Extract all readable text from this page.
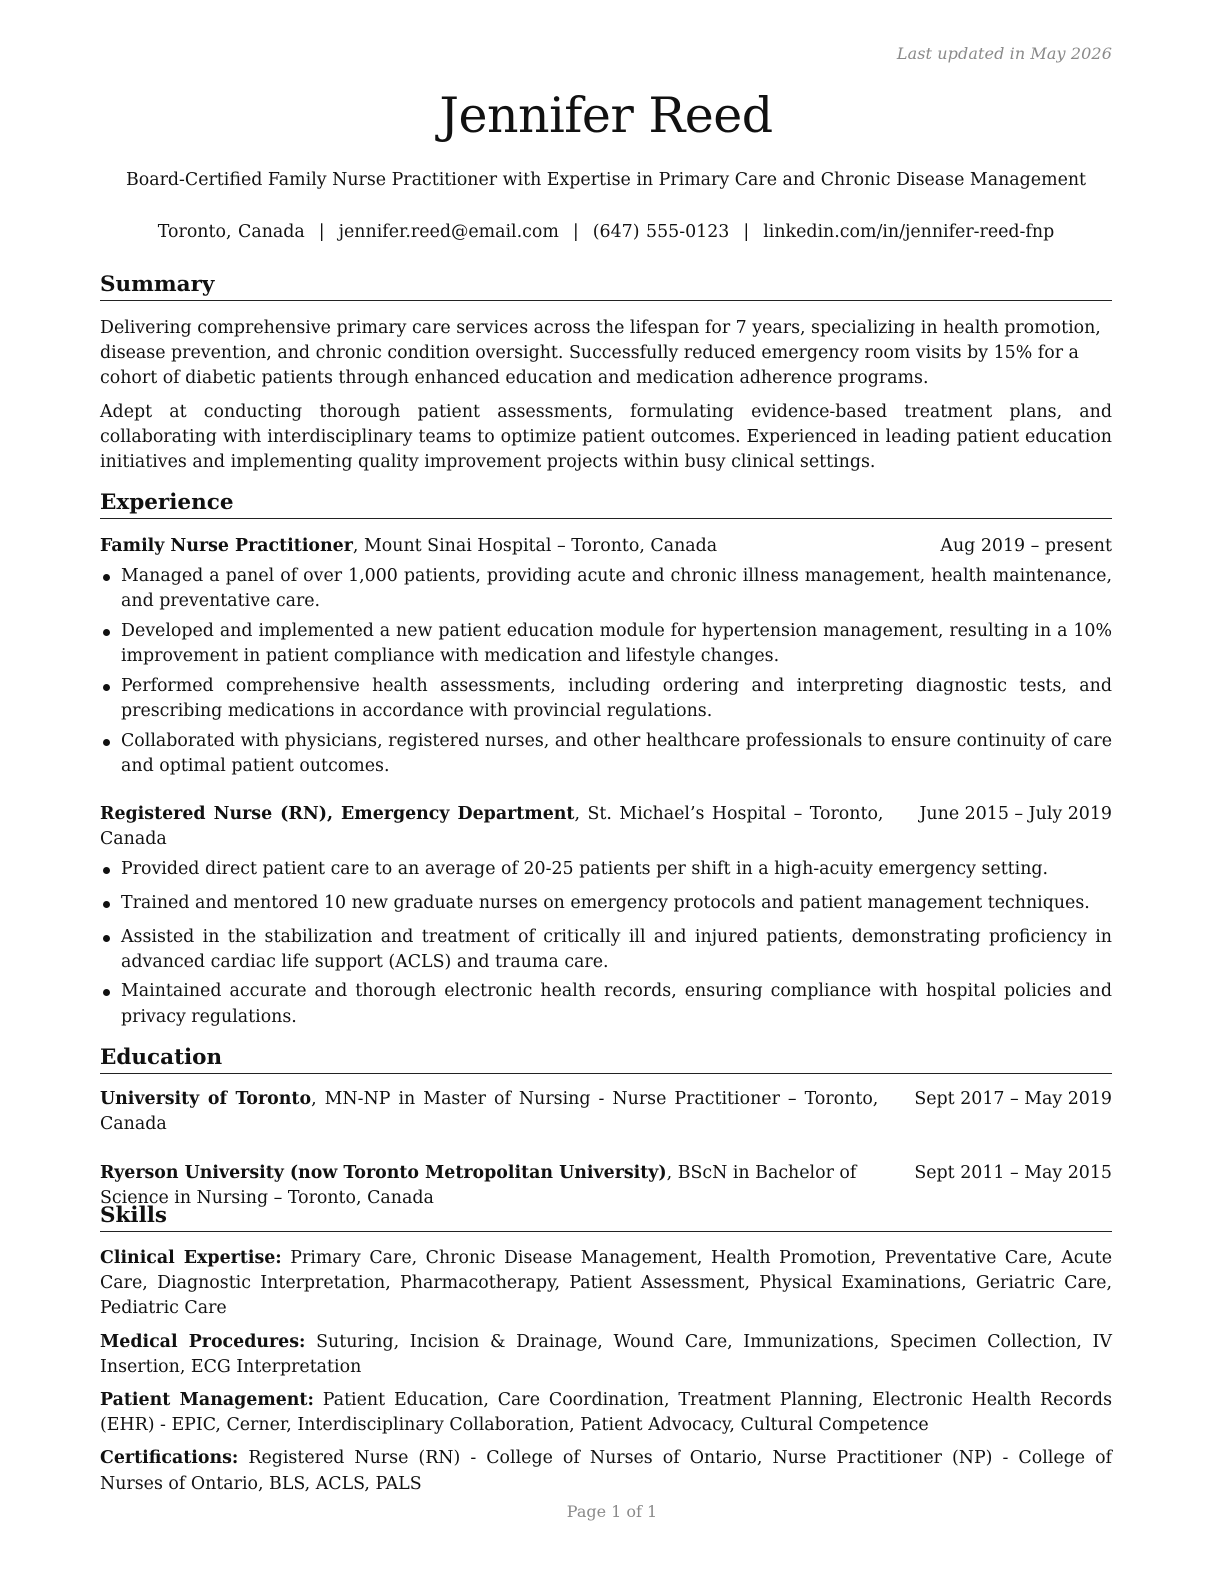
Last updated in May 2026
Jennifer Reed
Board-Certified Family Nurse Practitioner with Expertise in Primary Care and Chronic Disease Management
Toronto, Canada | jennifer.reed@email.com | (647) 555-0123 | linkedin.com/in/jennifer-reed-fnp
Summary

Delivering comprehensive primary care services across the lifespan for 7 years, specializing in health promotion, disease prevention, and chronic condition oversight. Successfully reduced emergency room visits by 15% for a cohort of diabetic patients through enhanced education and medication adherence programs.

Adept at conducting thorough patient assessments, formulating evidence-based treatment plans, and collaborating with interdisciplinary teams to optimize patient outcomes. Experienced in leading patient education initiatives and implementing quality improvement projects within busy clinical settings.

Experience
Family Nurse Practitioner, Mount Sinai Hospital – Toronto, Canada	Aug 2019 – present
Managed a panel of over 1,000 patients, providing acute and chronic illness management, health maintenance, and preventative care.
Developed and implemented a new patient education module for hypertension management, resulting in a 10% improvement in patient compliance with medication and lifestyle changes.
Performed comprehensive health assessments, including ordering and interpreting diagnostic tests, and prescribing medications in accordance with provincial regulations.
Collaborated with physicians, registered nurses, and other healthcare professionals to ensure continuity of care and optimal patient outcomes.
Registered Nurse (RN), Emergency Department, St. Michael’s Hospital – Toronto, Canada
June 2015 – July 2019
Provided direct patient care to an average of 20-25 patients per shift in a high-acuity emergency setting.
Trained and mentored 10 new graduate nurses on emergency protocols and patient management techniques.
Assisted in the stabilization and treatment of critically ill and injured patients, demonstrating proficiency in advanced cardiac life support (ACLS) and trauma care.
Maintained accurate and thorough electronic health records, ensuring compliance with hospital policies and privacy regulations.
Education
University of Toronto, MN-NP in Master of Nursing - Nurse Practitioner – Toronto, Canada
Sept 2017 – May 2019
Ryerson University (now Toronto Metropolitan University), BScN in Bachelor of Science in Nursing – Toronto, Canada
Sept 2011 – May 2015
Skills

Clinical Expertise: Primary Care, Chronic Disease Management, Health Promotion, Preventative Care, Acute Care, Diagnostic Interpretation, Pharmacotherapy, Patient Assessment, Physical Examinations, Geriatric Care, Pediatric Care

Medical Procedures: Suturing, Incision & Drainage, Wound Care, Immunizations, Specimen Collection, IV Insertion, ECG Interpretation

Patient Management: Patient Education, Care Coordination, Treatment Planning, Electronic Health Records (EHR) - EPIC, Cerner, Interdisciplinary Collaboration, Patient Advocacy, Cultural Competence

Certifications: Registered Nurse (RN) - College of Nurses of Ontario, Nurse Practitioner (NP) - College of Nurses of Ontario, BLS, ACLS, PALS

Page 1 of 1
